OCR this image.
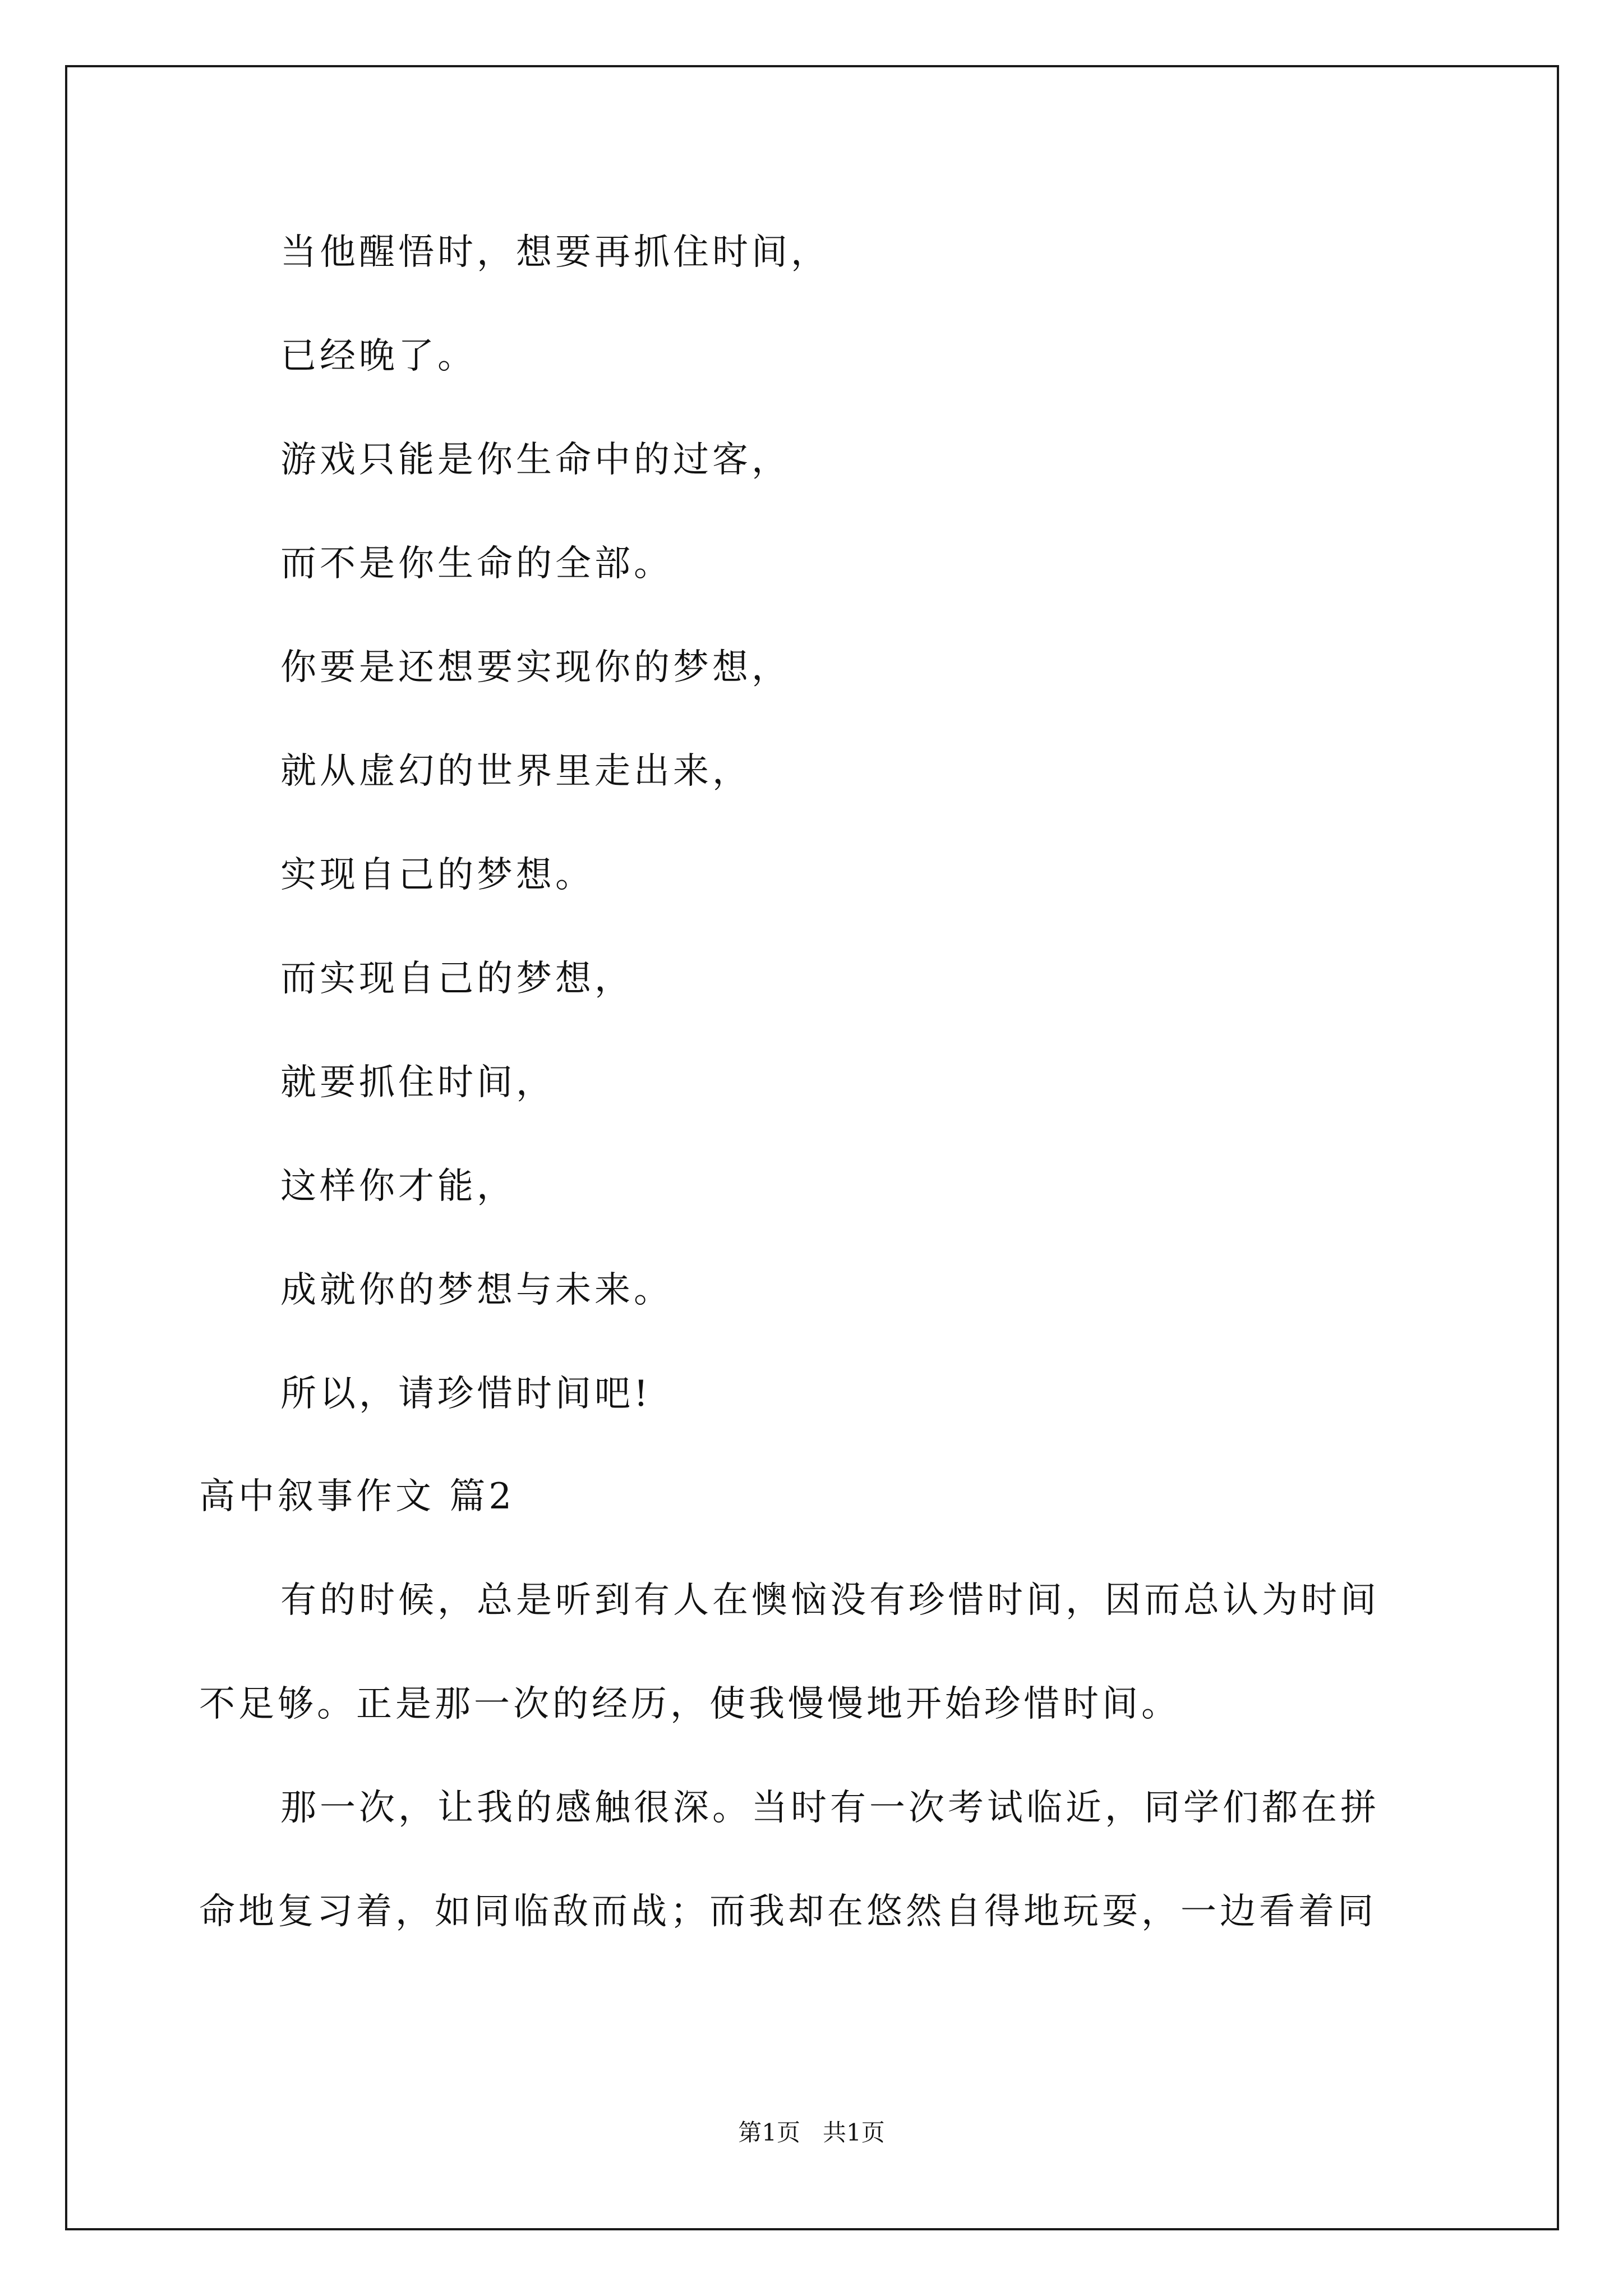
当他醒悟时，想要再抓住时间，
已经晚了。
游戏只能是你生命中的过客，
而不是你生命的全部。
你要是还想要实现你的梦想，
就从虚幻的世界里走出来，
实现自己的梦想。
而实现自己的梦想，
就要抓住时间，
这样你才能，
成就你的梦想与未来。
所以，请珍惜时间吧!
高中叙事作文 篇2
有的时候，总是听到有人在懊恼没有珍惜时间，因而总认为时间
不足够。正是那一次的经历，使我慢慢地开始珍惜时间。
那一次，让我的感触很深。当时有一次考试临近，同学们都在拼
命地复习着，如同临敌而战；而我却在悠然自得地玩耍，一边看着同
第1页   共1页
